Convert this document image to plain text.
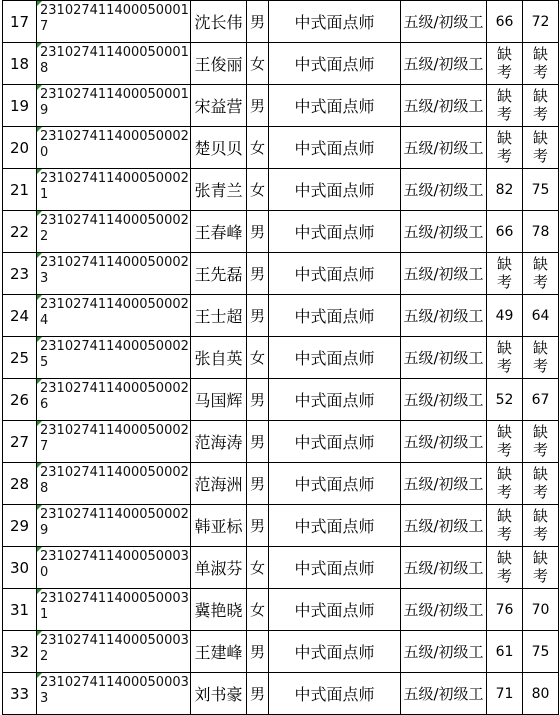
17	2310274114000500017	沈长伟	男	中式面点师	五级/初级工	66	72
18	2310274114000500018	王俊丽	女	中式面点师	五级/初级工	缺考	缺考
19	2310274114000500019	宋益营	男	中式面点师	五级/初级工	缺考	缺考
20	2310274114000500020	楚贝贝	女	中式面点师	五级/初级工	缺考	缺考
21	2310274114000500021	张青兰	女	中式面点师	五级/初级工	82	75
22	2310274114000500022	王春峰	男	中式面点师	五级/初级工	66	78
23	2310274114000500023	王先磊	男	中式面点师	五级/初级工	缺考	缺考
24	2310274114000500024	王士超	男	中式面点师	五级/初级工	49	64
25	2310274114000500025	张自英	女	中式面点师	五级/初级工	缺考	缺考
26	2310274114000500026	马国辉	男	中式面点师	五级/初级工	52	67
27	2310274114000500027	范海涛	男	中式面点师	五级/初级工	缺考	缺考
28	2310274114000500028	范海洲	男	中式面点师	五级/初级工	缺考	缺考
29	2310274114000500029	韩亚标	男	中式面点师	五级/初级工	缺考	缺考
30	2310274114000500030	单淑芬	女	中式面点师	五级/初级工	缺考	缺考
31	2310274114000500031	冀艳晓	女	中式面点师	五级/初级工	76	70
32	2310274114000500032	王建峰	男	中式面点师	五级/初级工	61	75
33	2310274114000500033	刘书豪	男	中式面点师	五级/初级工	71	80
